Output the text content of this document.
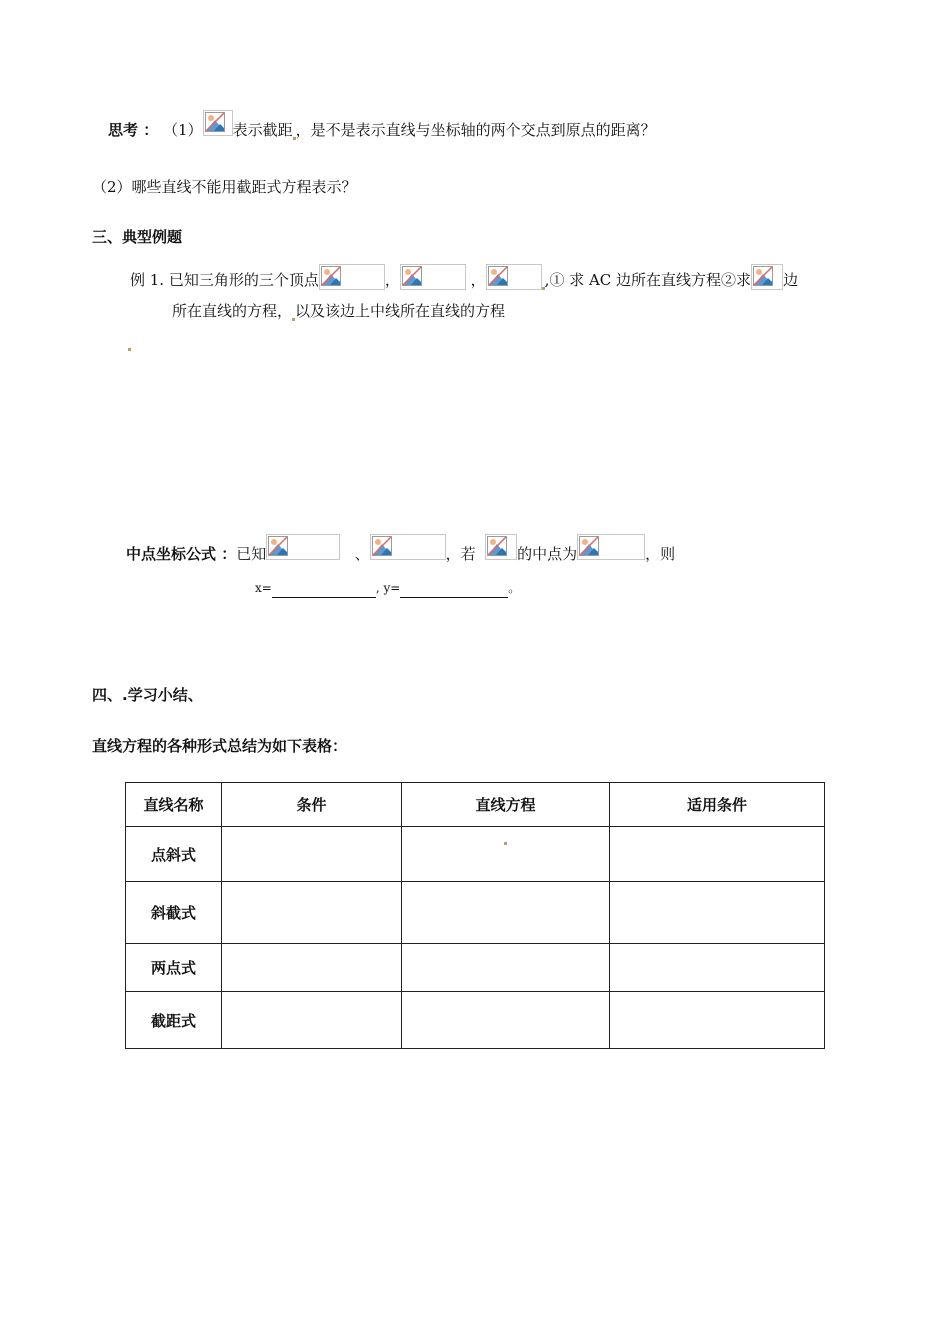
思考 ： （1） 表示截距 ，是不是表示直线与坐标轴的两个交点到原点的距离？
（2）哪些直线不能用截距式方程表示？
三、典型例题
例 1. 已知三角形的三个顶点	，	，	,① 求 AC 边所在直线方程②求 边
所在直线的方程， 以及该边上中线所在直线的方程
中点坐标公式 ：已知	、	，若	的中点为	，则
x=	, y=	。
四、.学习小结、
直线方程的各种形式总结为如下表格：
直线名称	条件	直线方程	适用条件
点斜式			
斜截式			
两点式			
截距式			
